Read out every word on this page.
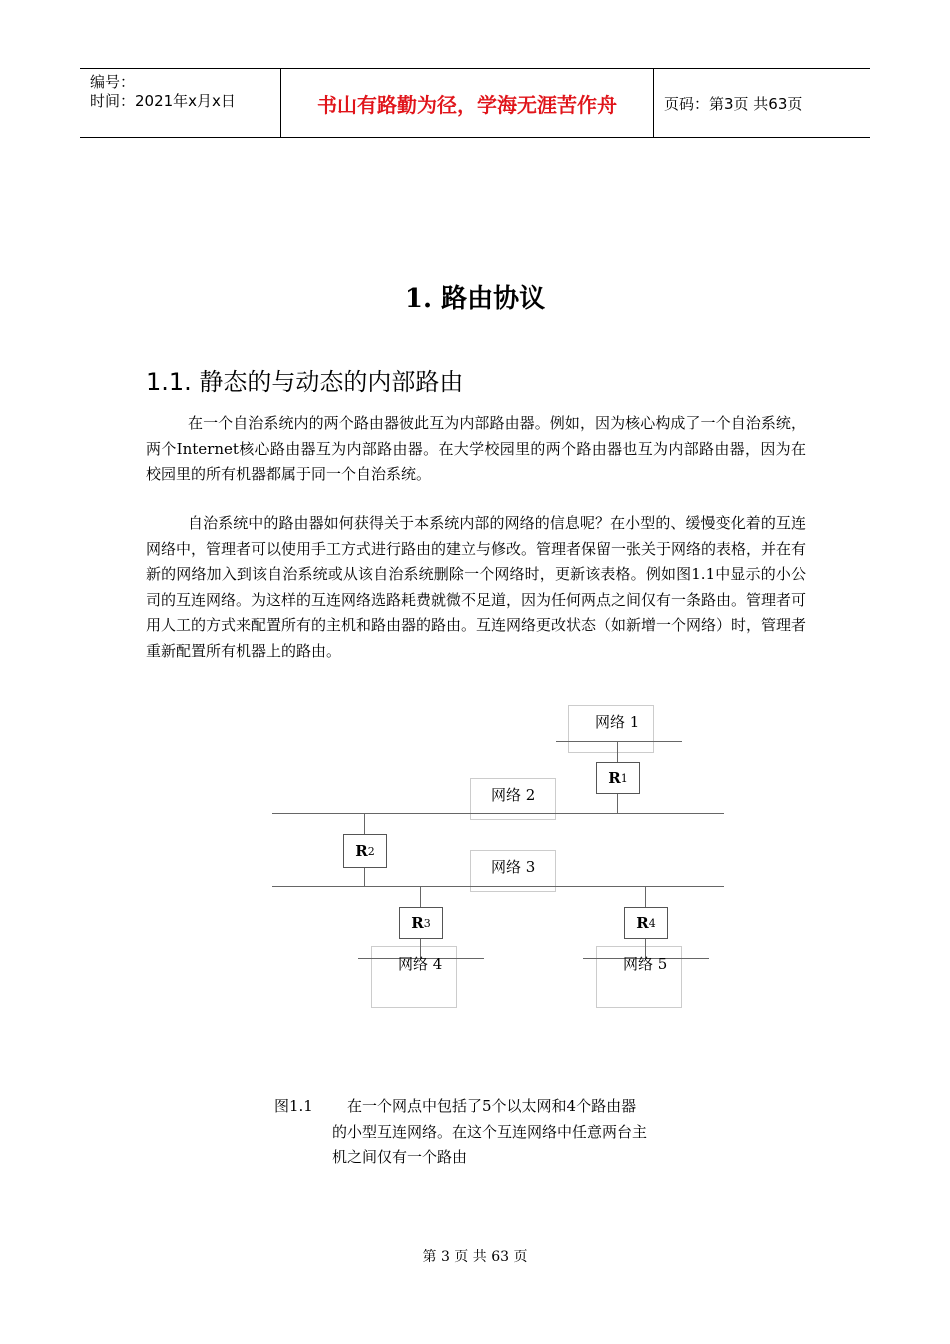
编号：
时间：2021年x月x日	书山有路勤为径，学海无涯苦作舟	页码：第3页 共63页
1. 路由协议
1.1. 静态的与动态的内部路由

在一个自治系统内的两个路由器彼此互为内部路由器。例如，因为核心构成了一个自治系统，两个Internet核心路由器互为内部路由器。在大学校园里的两个路由器也互为内部路由器，因为在校园里的所有机器都属于同一个自治系统。

自治系统中的路由器如何获得关于本系统内部的网络的信息呢？在小型的、缓慢变化着的互连网络中，管理者可以使用手工方式进行路由的建立与修改。管理者保留一张关于网络的表格，并在有新的网络加入到该自治系统或从该自治系统删除一个网络时，更新该表格。例如图1.1中显示的小公司的互连网络。为这样的互连网络选路耗费就微不足道，因为任何两点之间仅有一条路由。管理者可用人工的方式来配置所有的主机和路由器的路由。互连网络更改状态（如新增一个网络）时，管理者重新配置所有机器上的路由。

网络 1
网络 2
网络 3
网络 4	网络 5
R 1
R 2
R 3	R 4
图1.1	在一个网点中包括了5个以太网和4个路由器
的小型互连网络。在这个互连网络中任意两台主
机之间仅有一个路由
第 3 页 共 63 页
